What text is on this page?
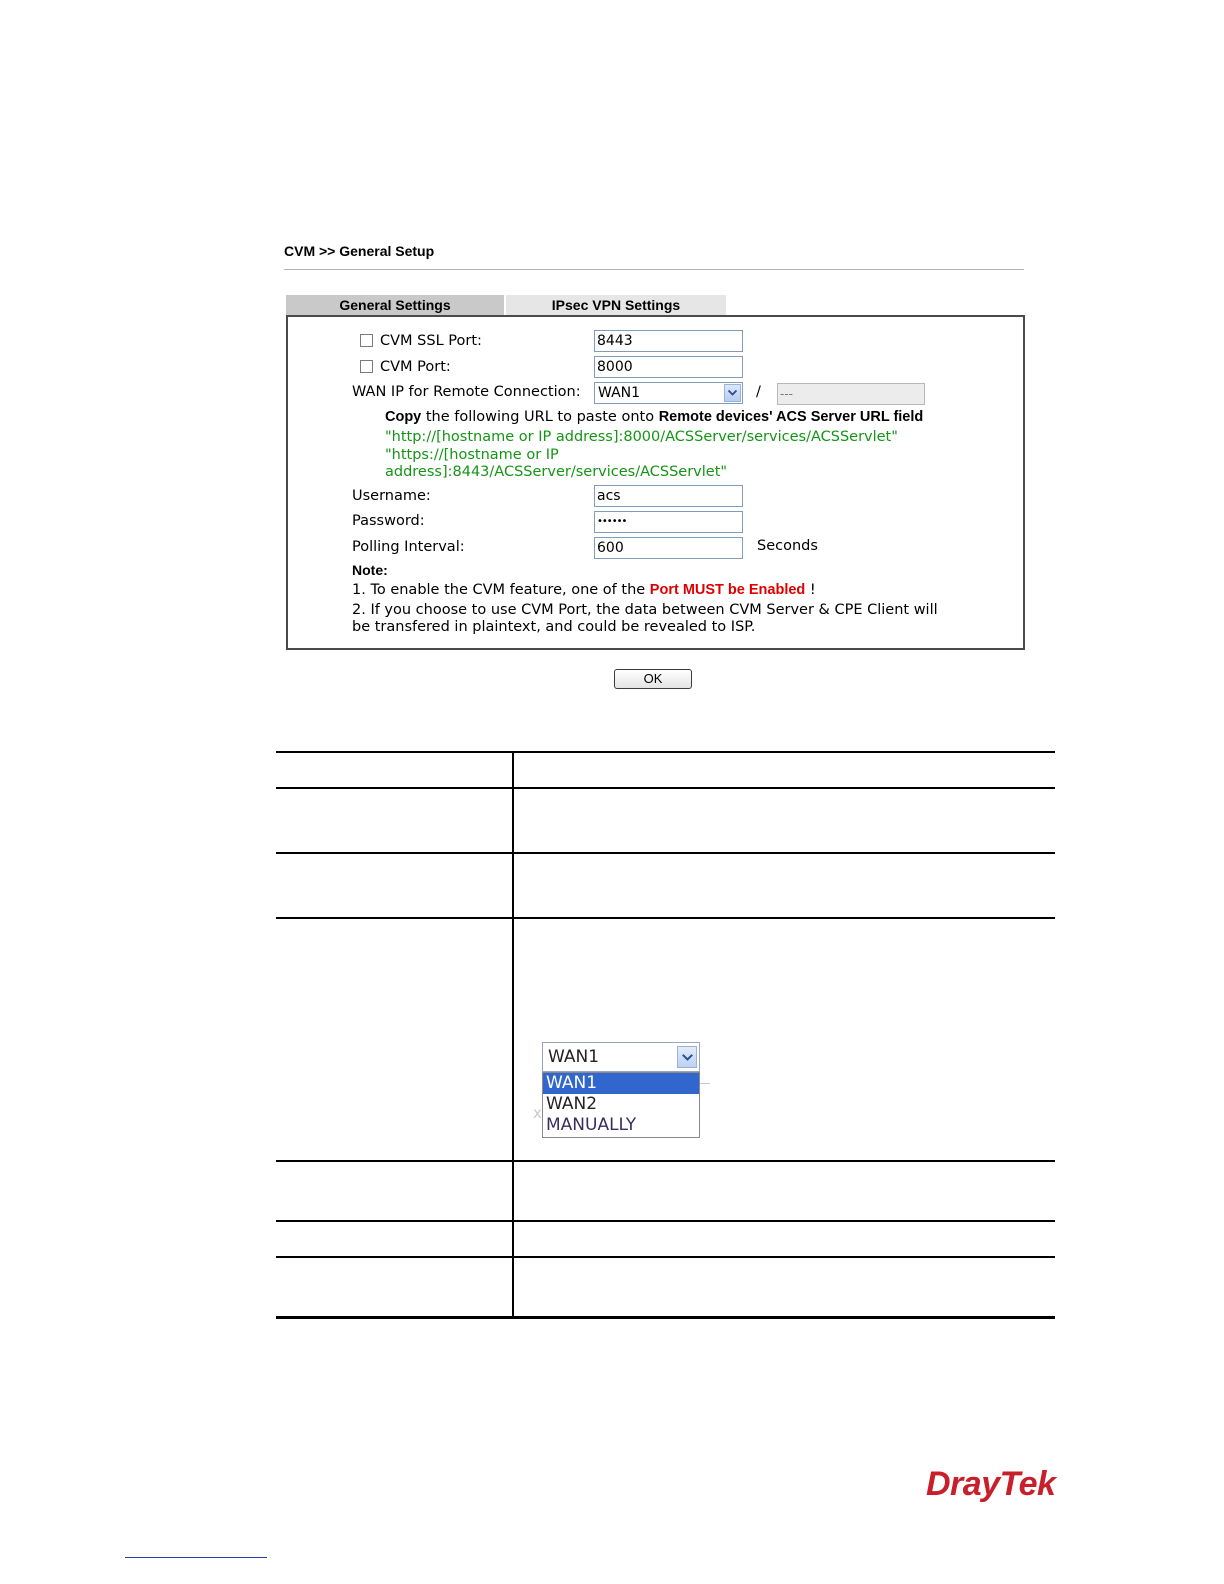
CVM >> General Setup
General Settings	IPsec VPN Settings
CVM SSL Port:	8443
CVM Port:	8000
WAN IP for Remote Connection: WAN1	/ ---
Copy the following URL to paste onto Remote devices' ACS Server URL field
"http://[hostname or IP address]:8000/ACSServer/services/ACSServlet"
"https://[hostname or IP
address]:8443/ACSServer/services/ACSServlet"
Username:	acs
Password:	••••••
Polling Interval:	600	Seconds
Note:
1. To enable the CVM feature, one of the Port MUST be Enabled !
2. If you choose to use CVM Port, the data between CVM Server & CPE Client will
be transfered in plaintext, and could be revealed to ISP.
OK
x
WAN1
WAN1
WAN2
MANUALLY
DrayTek
